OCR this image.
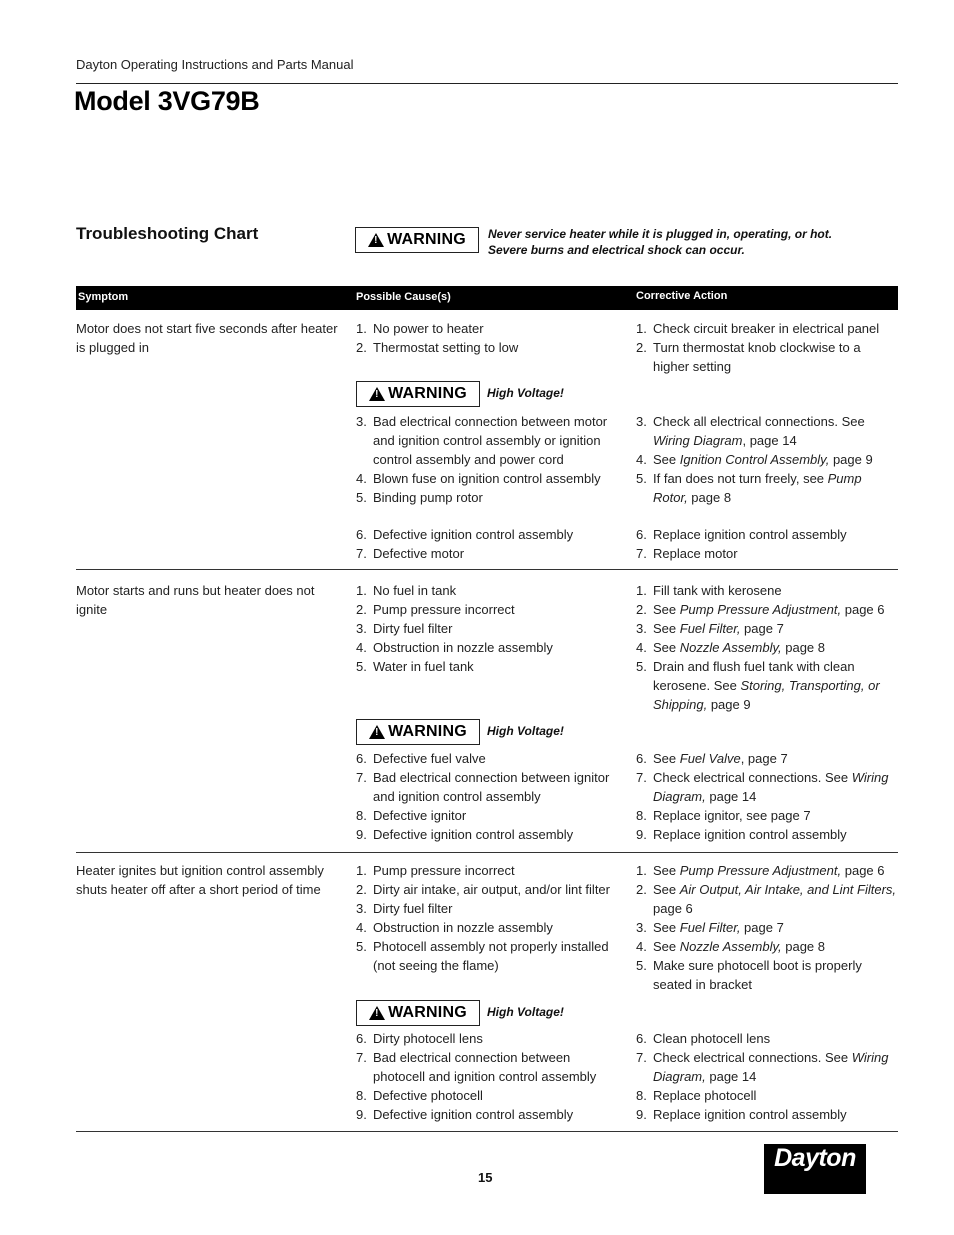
Dayton Operating Instructions and Parts Manual
Model 3VG79B
Troubleshooting Chart
!	WARNING Never service heater while it is plugged in, operating, or hot.
Severe burns and electrical shock can occur.
Symptom	Possible Cause(s)	Corrective Action
Motor does not start five seconds after heater is plugged in
1. No power to heater
2. Thermostat setting to low
1. Check circuit breaker in electrical panel
2. Turn thermostat knob clockwise to a higher setting
!
WARNING High Voltage!
3. Bad electrical connection between motor and ignition control assembly or ignition control assembly and power cord
4. Blown fuse on ignition control assembly
5. Binding pump rotor
6. Defective ignition control assembly
7. Defective motor
3. Check all electrical connections. See Wiring Diagram, page 14
4. See Ignition Control Assembly, page 9
5. If fan does not turn freely, see Pump Rotor, page 8
6. Replace ignition control assembly
7. Replace motor
Motor starts and runs but heater does not ignite
1. No fuel in tank
2. Pump pressure incorrect
3. Dirty fuel filter
4. Obstruction in nozzle assembly
5. Water in fuel tank
1. Fill tank with kerosene
2. See Pump Pressure Adjustment, page 6
3. See Fuel Filter, page 7
4. See Nozzle Assembly, page 8
5. Drain and flush fuel tank with clean kerosene. See Storing, Transporting, or Shipping, page 9
!
WARNING High Voltage!
6. Defective fuel valve
7. Bad electrical connection between ignitor and ignition control assembly
8. Defective ignitor
9. Defective ignition control assembly
6. See Fuel Valve, page 7
7. Check electrical connections. See Wiring Diagram, page 14
8. Replace ignitor, see page 7
9. Replace ignition control assembly
Heater ignites but ignition control assembly shuts heater off after a short period of time
1. Pump pressure incorrect
2. Dirty air intake, air output, and/or lint filter
3. Dirty fuel filter
4. Obstruction in nozzle assembly
5. Photocell assembly not properly installed (not seeing the flame)
1. See Pump Pressure Adjustment, page 6
2. See Air Output, Air Intake, and Lint Filters, page 6
3. See Fuel Filter, page 7
4. See Nozzle Assembly, page 8
5. Make sure photocell boot is properly seated in bracket
!
WARNING High Voltage!
6. Dirty photocell lens
7. Bad electrical connection between photocell and ignition control assembly
8. Defective photocell
9. Defective ignition control assembly
6. Clean photocell lens
7. Check electrical connections. See Wiring Diagram, page 14
8. Replace photocell
9. Replace ignition control assembly
15
Dayton
